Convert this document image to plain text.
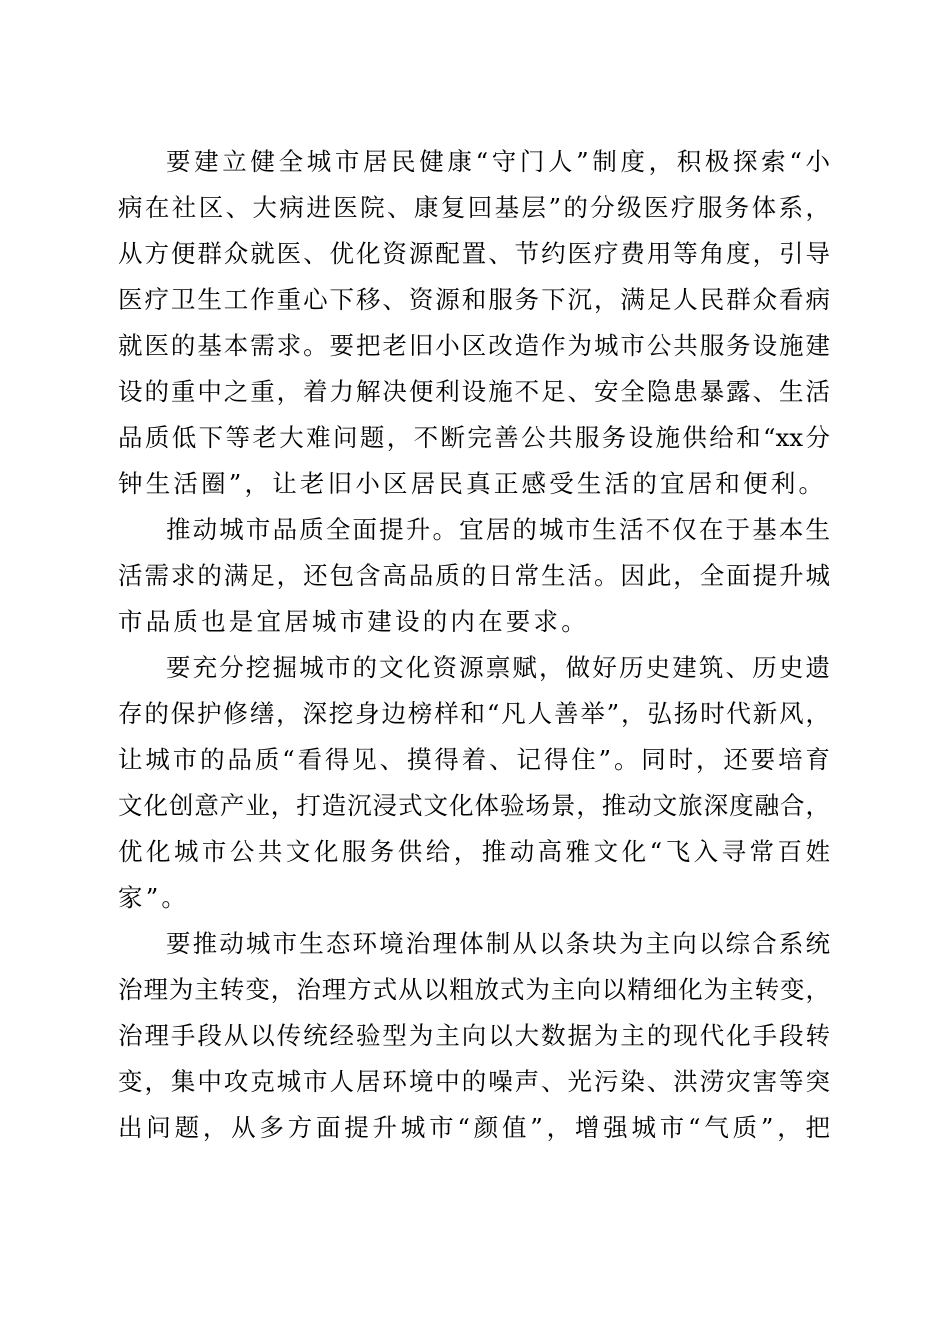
要建立健全城市居民健康“守门人”制度，积极探索“小
病在社区、大病进医院、康复回基层”的分级医疗服务体系，
从方便群众就医、优化资源配置、节约医疗费用等角度，引导
医疗卫生工作重心下移、资源和服务下沉，满足人民群众看病
就医的基本需求。要把老旧小区改造作为城市公共服务设施建
设的重中之重，着力解决便利设施不足、安全隐患暴露、生活
品质低下等老大难问题，不断完善公共服务设施供给和“xx分
钟生活圈”，让老旧小区居民真正感受生活的宜居和便利。
推动城市品质全面提升。宜居的城市生活不仅在于基本生
活需求的满足，还包含高品质的日常生活。因此，全面提升城
市品质也是宜居城市建设的内在要求。
要充分挖掘城市的文化资源禀赋，做好历史建筑、历史遗
存的保护修缮，深挖身边榜样和“凡人善举”，弘扬时代新风，
让城市的品质“看得见、摸得着、记得住”。同时，还要培育
文化创意产业，打造沉浸式文化体验场景，推动文旅深度融合，
优化城市公共文化服务供给，推动高雅文化“飞入寻常百姓
家”。
要推动城市生态环境治理体制从以条块为主向以综合系统
治理为主转变，治理方式从以粗放式为主向以精细化为主转变，
治理手段从以传统经验型为主向以大数据为主的现代化手段转
变，集中攻克城市人居环境中的噪声、光污染、洪涝灾害等突
出问题，从多方面提升城市“颜值”，增强城市“气质”，把
